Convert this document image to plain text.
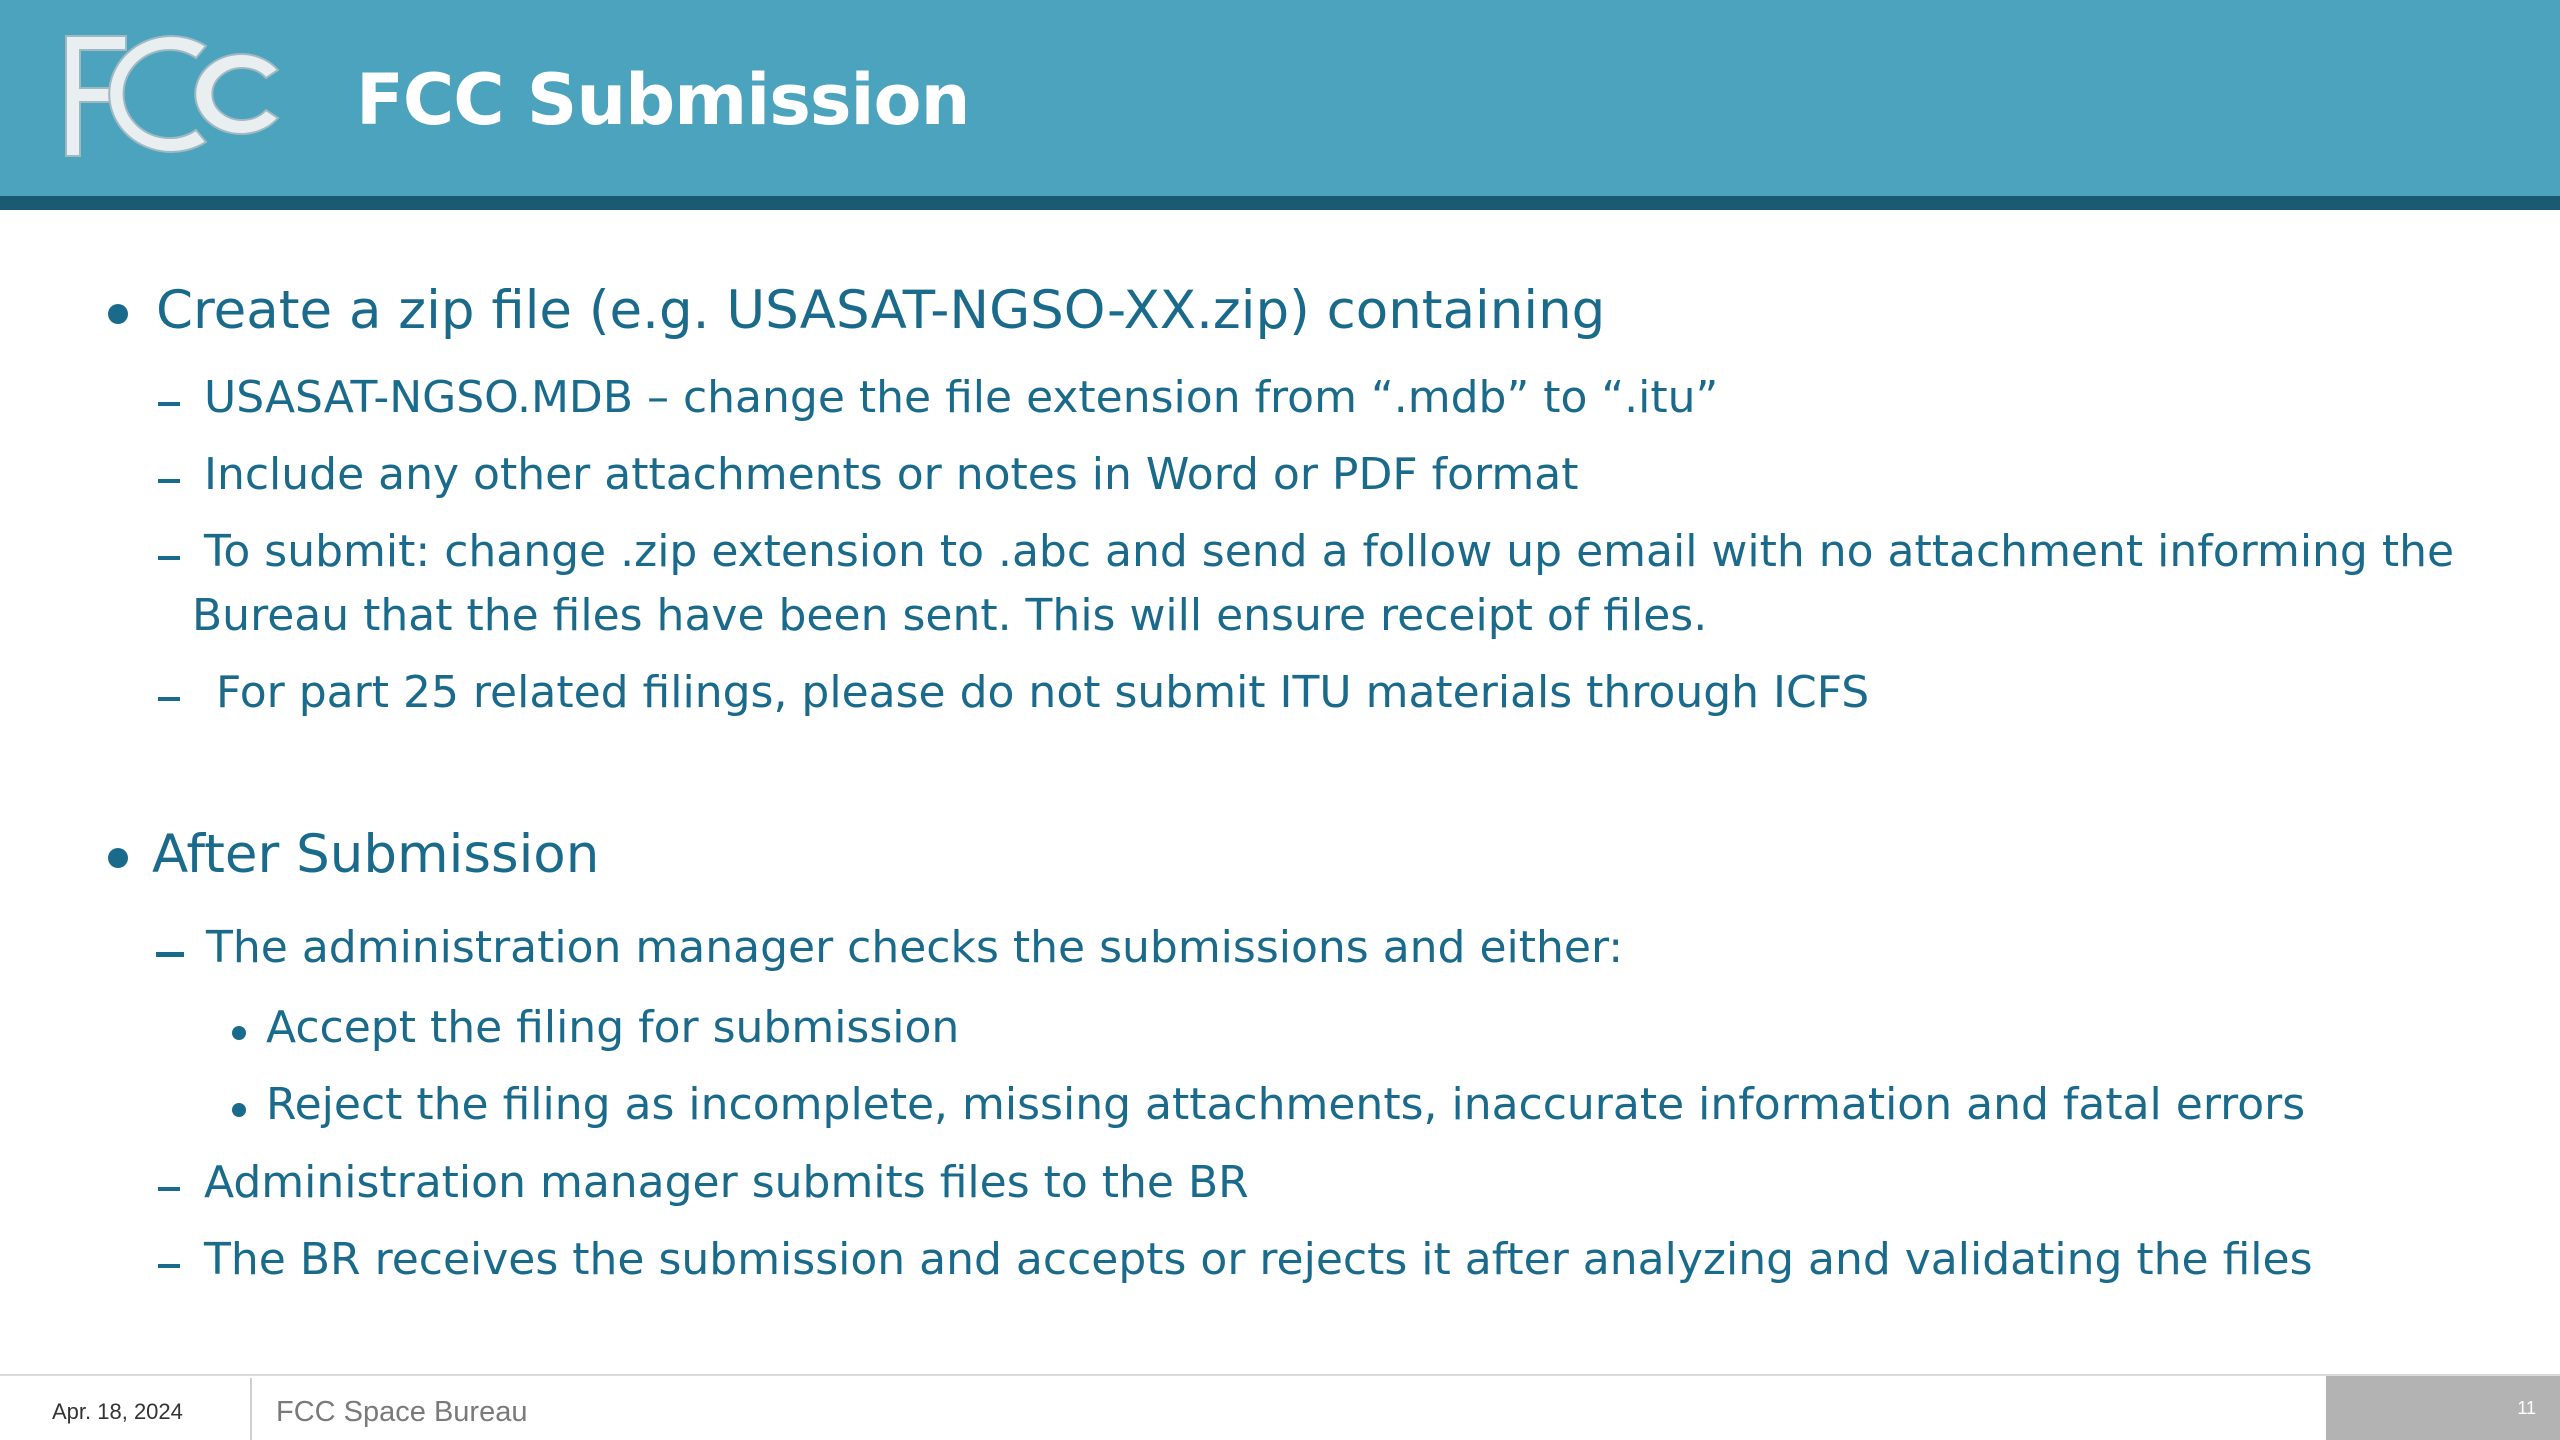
FCC Submission
Create a zip file (e.g. USASAT-NGSO-XX.zip) containing
USASAT-NGSO.MDB – change the file extension from “.mdb” to “.itu”
Include any other attachments or notes in Word or PDF format
To submit: change .zip extension to .abc and send a follow up email with no attachment informing the
Bureau that the files have been sent. This will ensure receipt of files.
For part 25 related filings, please do not submit ITU materials through ICFS
After Submission
The administration manager checks the submissions and either:
Accept the filing for submission
Reject the filing as incomplete, missing attachments, inaccurate information and fatal errors
Administration manager submits files to the BR
The BR receives the submission and accepts or rejects it after analyzing and validating the files
Apr. 18, 2024	FCC Space Bureau	11
